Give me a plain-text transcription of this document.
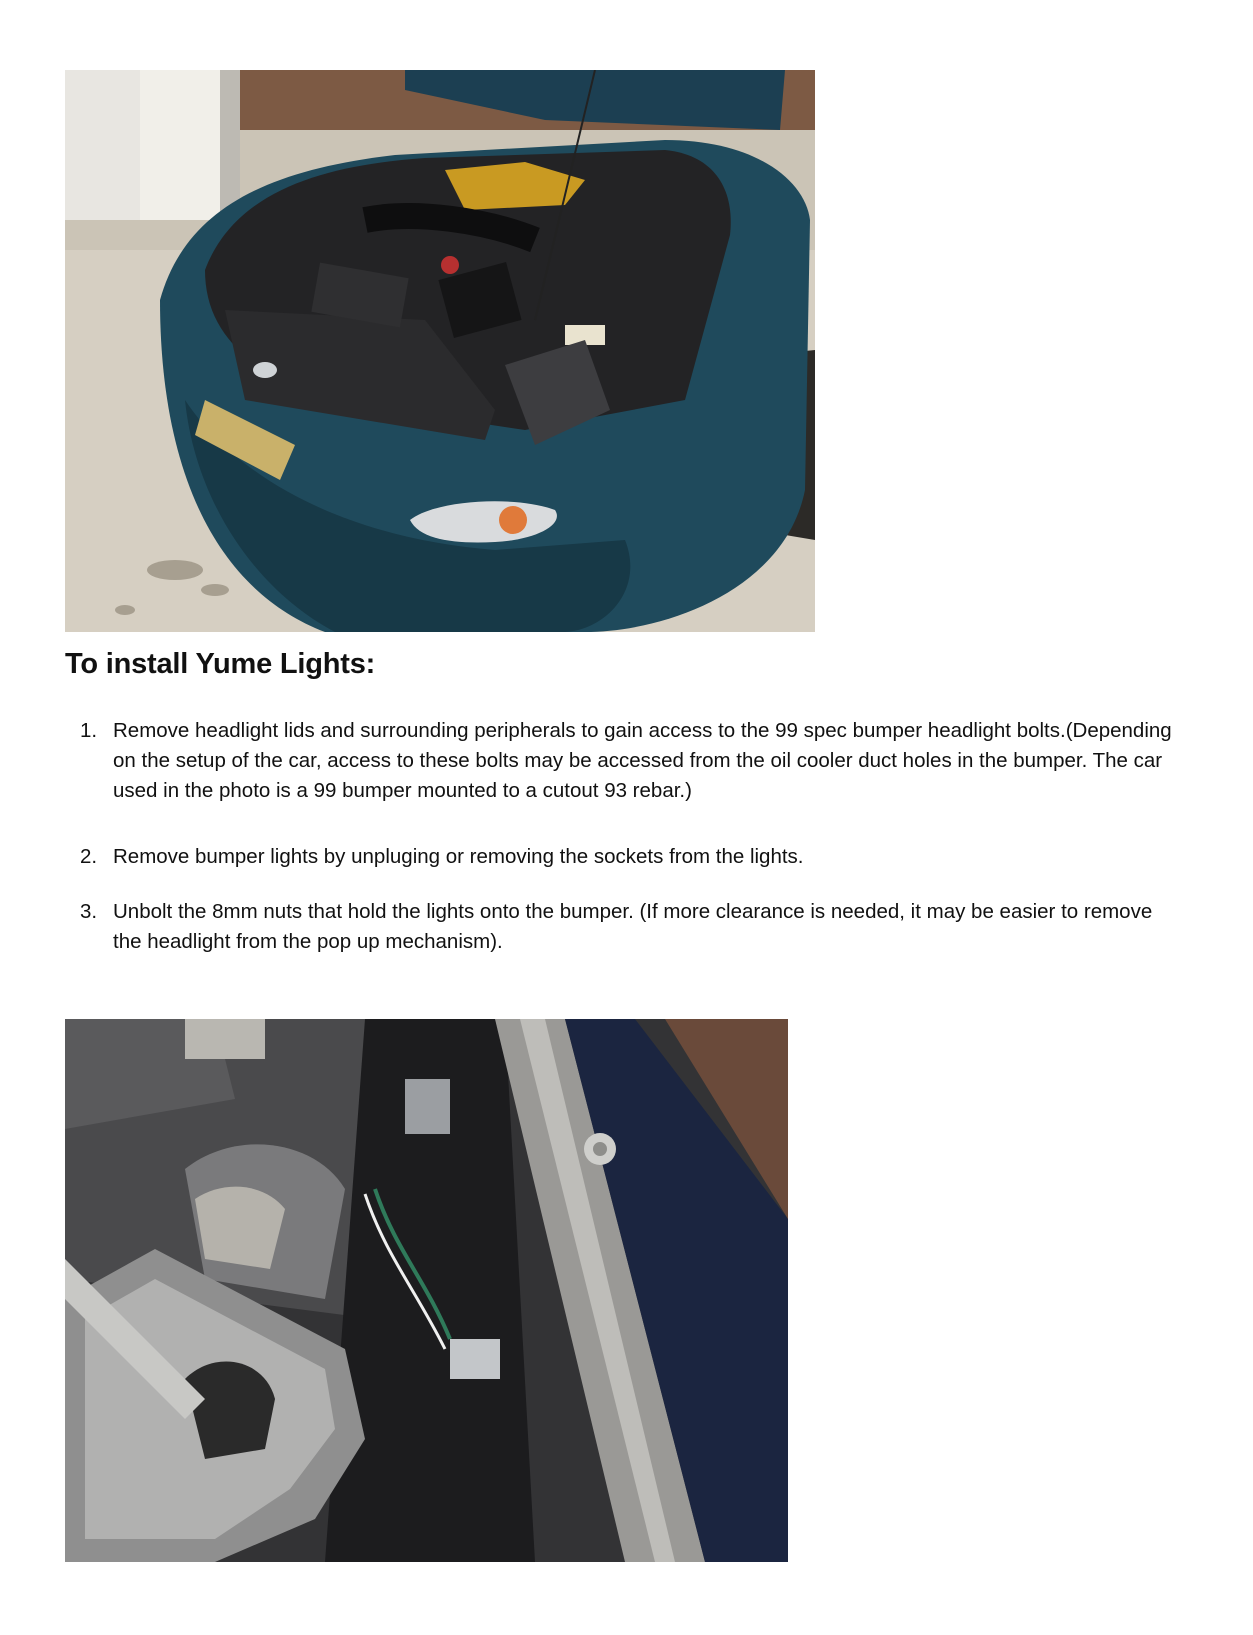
To install Yume Lights:
1. Remove headlight lids and surrounding peripherals to gain access to the 99 spec bumper headlight bolts.(Depending on the setup of the car, access to these bolts may be accessed from the oil cooler duct holes in the bumper. The car used in the photo is a 99 bumper mounted to a cutout 93 rebar.)
2. Remove bumper lights by unpluging or removing the sockets from the lights.
3. Unbolt the 8mm nuts that hold the lights onto the bumper. (If more clearance is needed, it may be easier to remove the headlight from the pop up mechanism).
